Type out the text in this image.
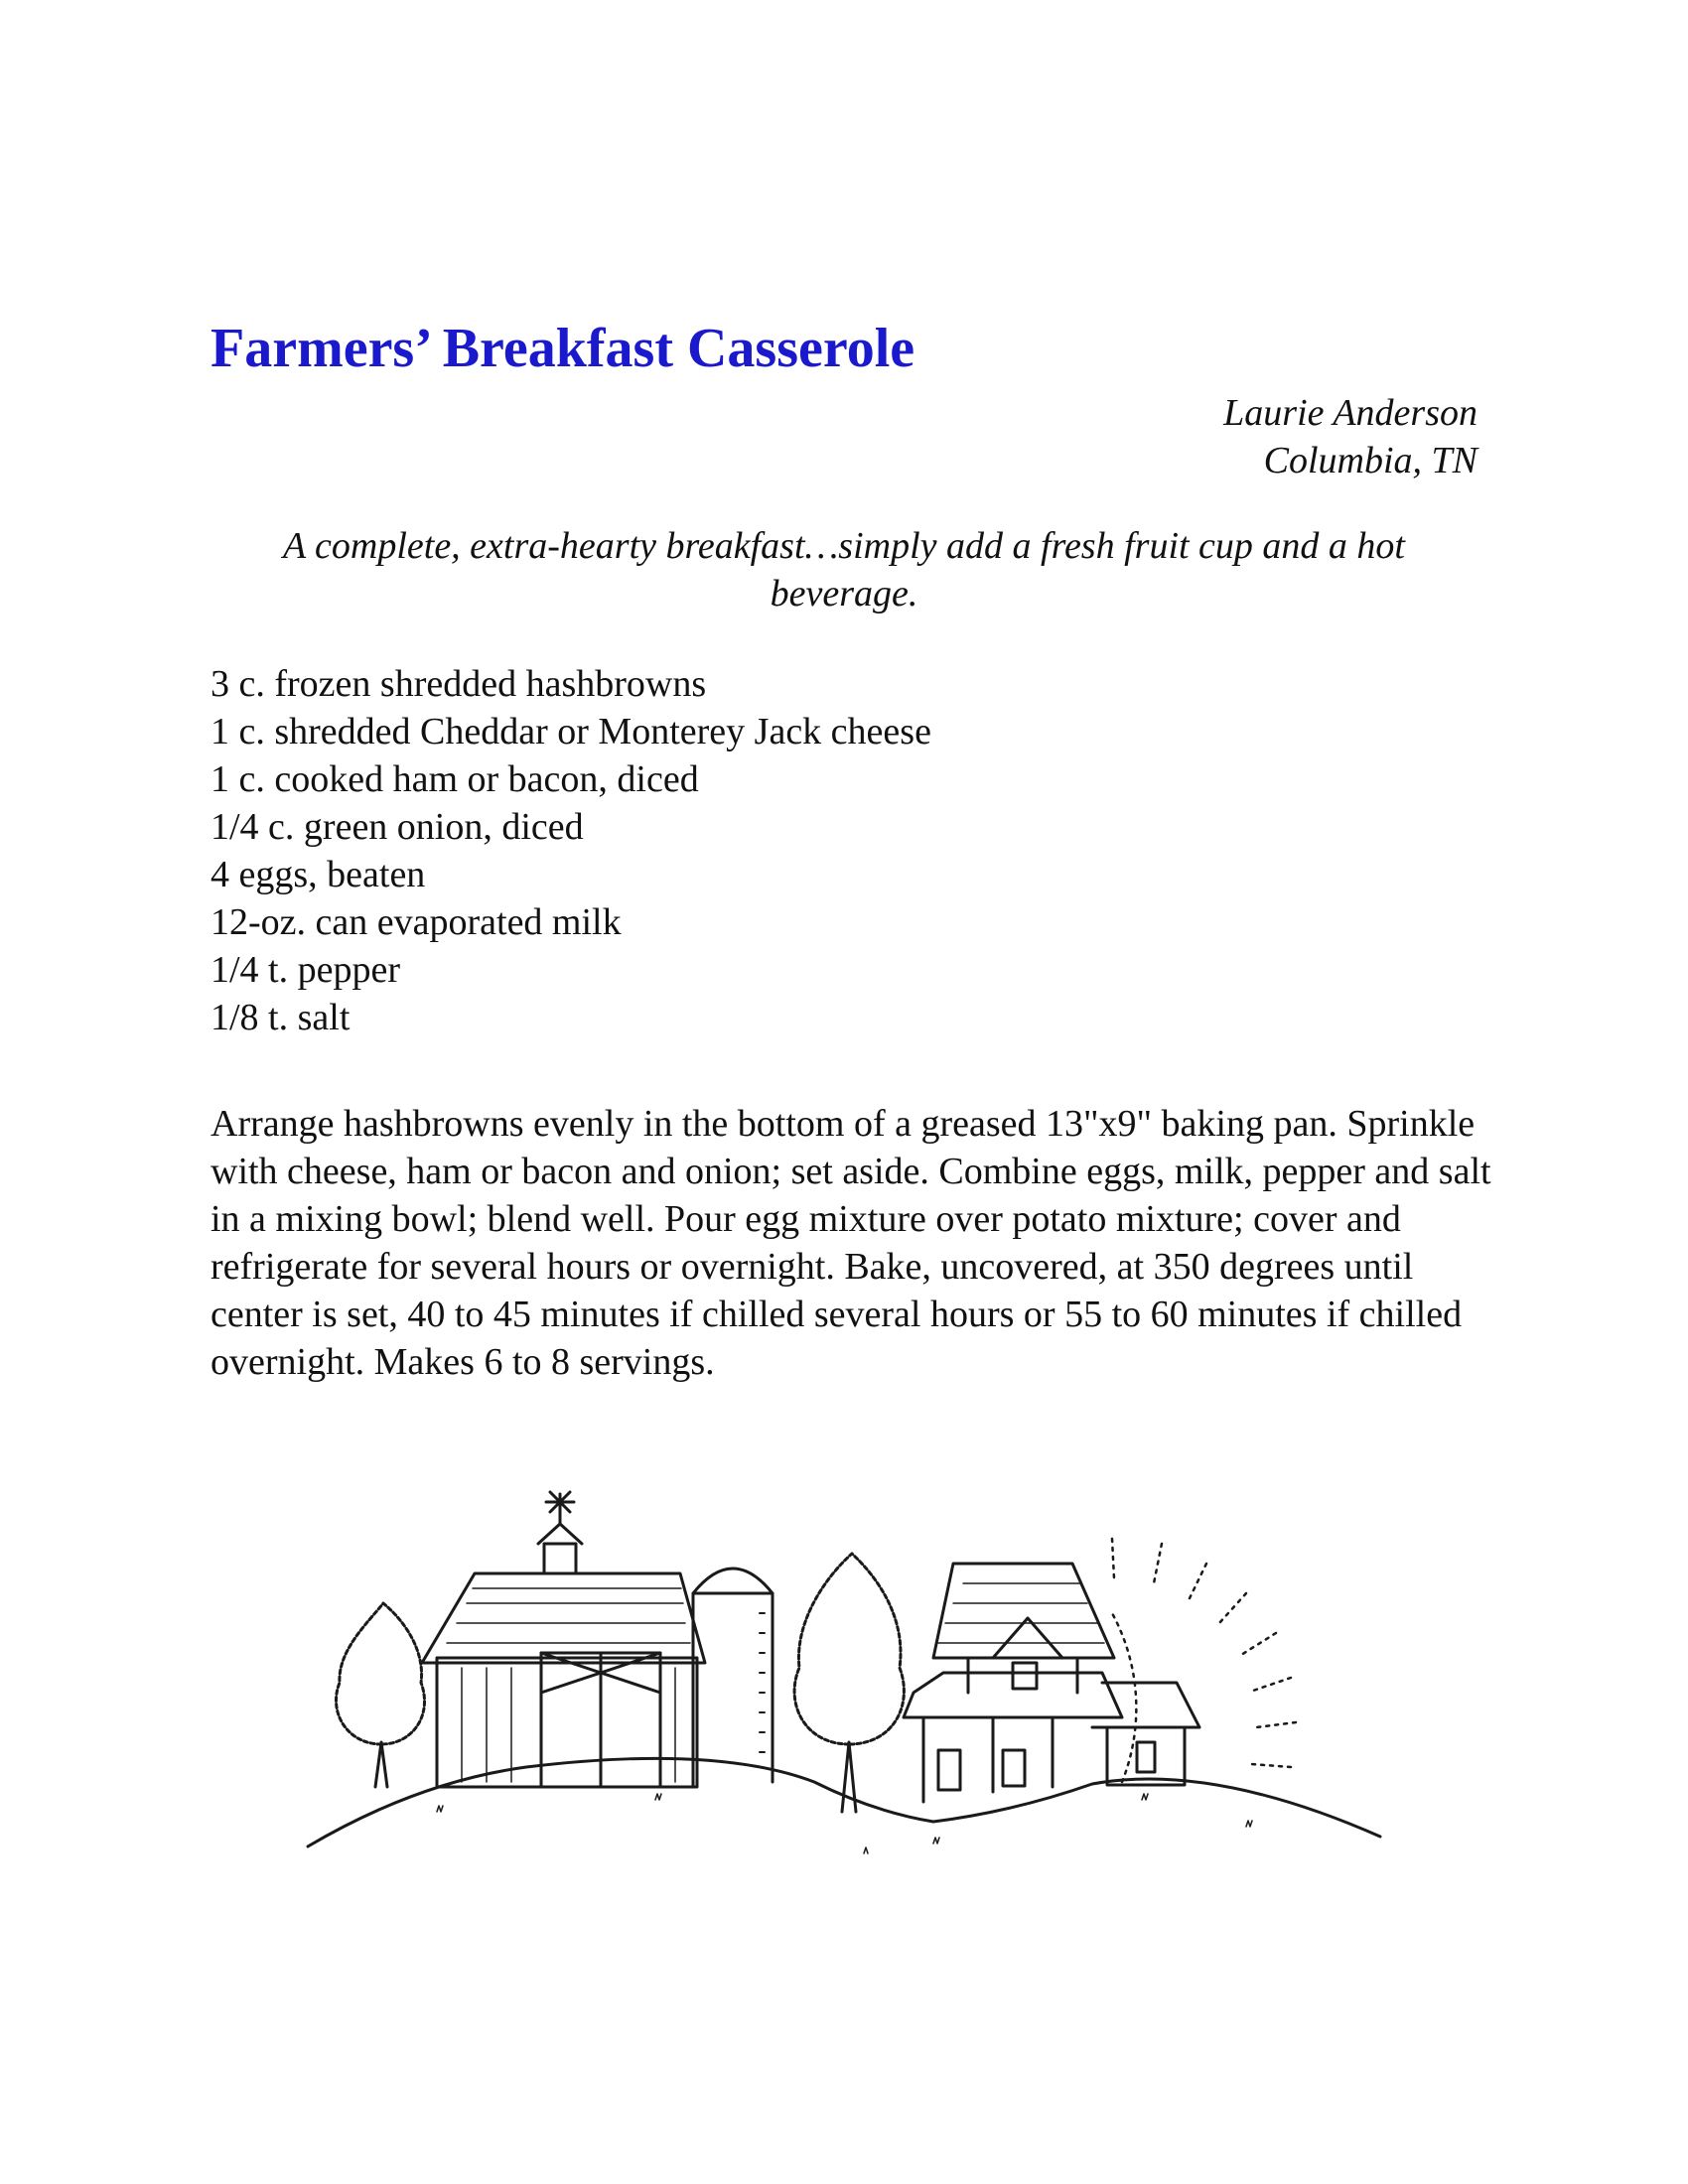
Farmers’ Breakfast Casserole
Laurie Anderson
Columbia, TN
A complete, extra-hearty breakfast…simply add a fresh fruit cup and a hot beverage.
3 c. frozen shredded hashbrowns
1 c. shredded Cheddar or Monterey Jack cheese
1 c. cooked ham or bacon, diced
1/4 c. green onion, diced
4 eggs, beaten
12-oz. can evaporated milk
1/4 t. pepper
1/8 t. salt

Arrange hashbrowns evenly in the bottom of a greased 13"x9" baking pan. Sprinkle with cheese, ham or bacon and onion; set aside. Combine eggs, milk, pepper and salt in a mixing bowl; blend well. Pour egg mixture over potato mixture; cover and refrigerate for several hours or overnight. Bake, uncovered, at 350 degrees until center is set, 40 to 45 minutes if chilled several hours or 55 to 60 minutes if chilled overnight. Makes 6 to 8 servings.
